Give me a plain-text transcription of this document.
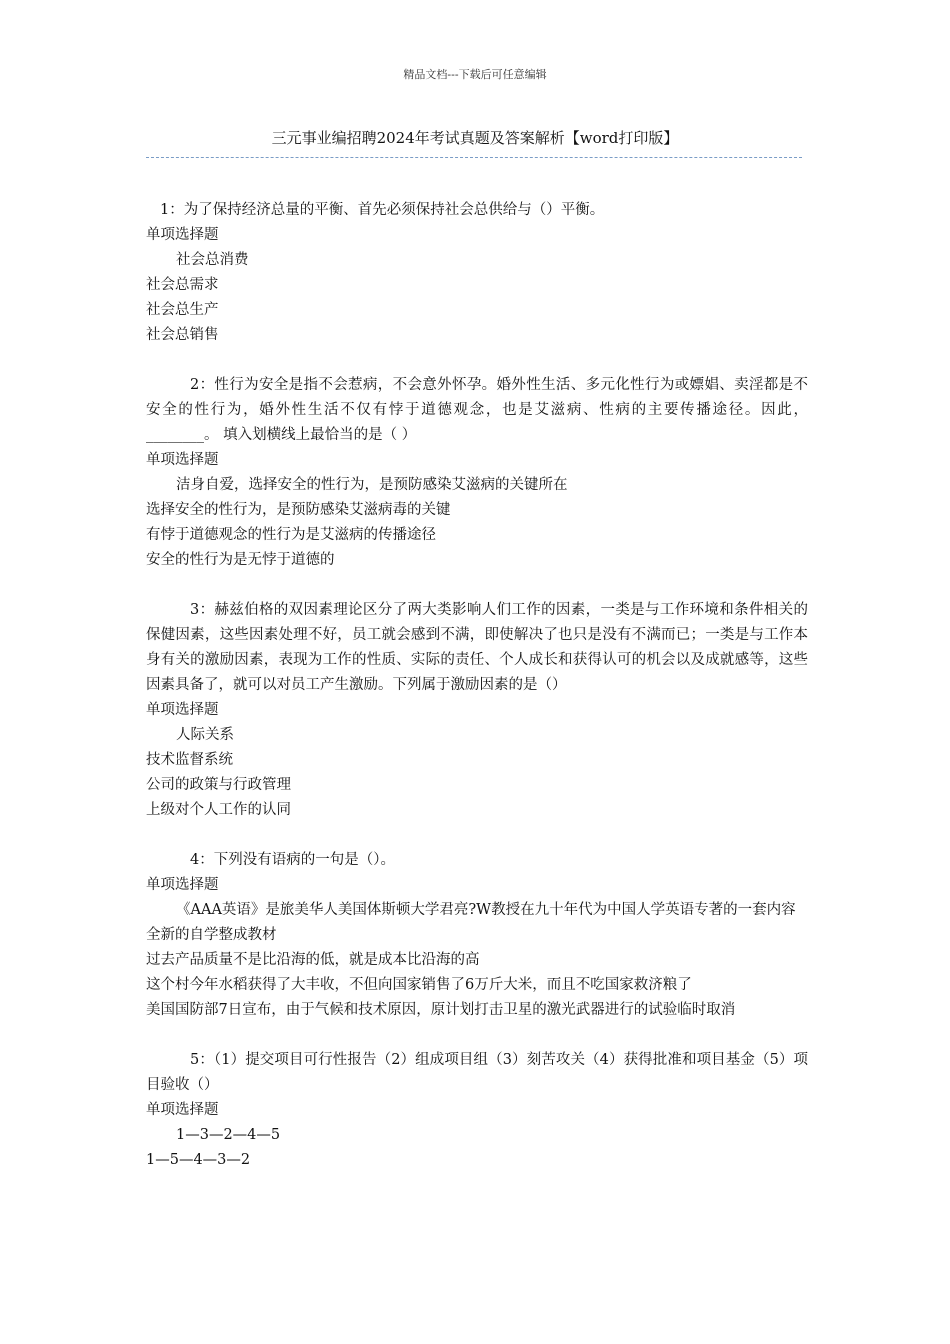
精品文档---下载后可任意编辑
三元事业编招聘2024年考试真题及答案解析【word打印版】
1：为了保持经济总量的平衡、首先必须保持社会总供给与（）平衡。
单项选择题
社会总消费
社会总需求
社会总生产
社会总销售
2：性行为安全是指不会惹病，不会意外怀孕。婚外性生活、多元化性行为或嫖娼、卖淫都是不安全的性行为，婚外性生活不仅有悖于道德观念，也是艾滋病、性病的主要传播途径。因此，________。 填入划横线上最恰当的是（ ）
单项选择题
洁身自爱，选择安全的性行为，是预防感染艾滋病的关键所在
选择安全的性行为，是预防感染艾滋病毒的关键
有悖于道德观念的性行为是艾滋病的传播途径
安全的性行为是无悖于道德的
3：赫兹伯格的双因素理论区分了两大类影响人们工作的因素，一类是与工作环境和条件相关的保健因素，这些因素处理不好，员工就会感到不满，即使解决了也只是没有不满而已；一类是与工作本身有关的激励因素，表现为工作的性质、实际的责任、个人成长和获得认可的机会以及成就感等，这些因素具备了，就可以对员工产生激励。下列属于激励因素的是（）
单项选择题
人际关系
技术监督系统
公司的政策与行政管理
上级对个人工作的认同
4：下列没有语病的一句是（）。
单项选择题
《AAA英语》是旅美华人美国体斯顿大学君亮?W教授在九十年代为中国人学英语专著的一套内容全新的自学整成教材
过去产品质量不是比沿海的低，就是成本比沿海的高
这个村今年水稻获得了大丰收，不但向国家销售了6万斤大米，而且不吃国家救济粮了
美国国防部7日宣布，由于气候和技术原因，原计划打击卫星的激光武器进行的试验临时取消
5：（1）提交项目可行性报告（2）组成项目组（3）刻苦攻关（4）获得批准和项目基金（5）项目验收（）
单项选择题
1—3—2—4—5
1—5—4—3—2
